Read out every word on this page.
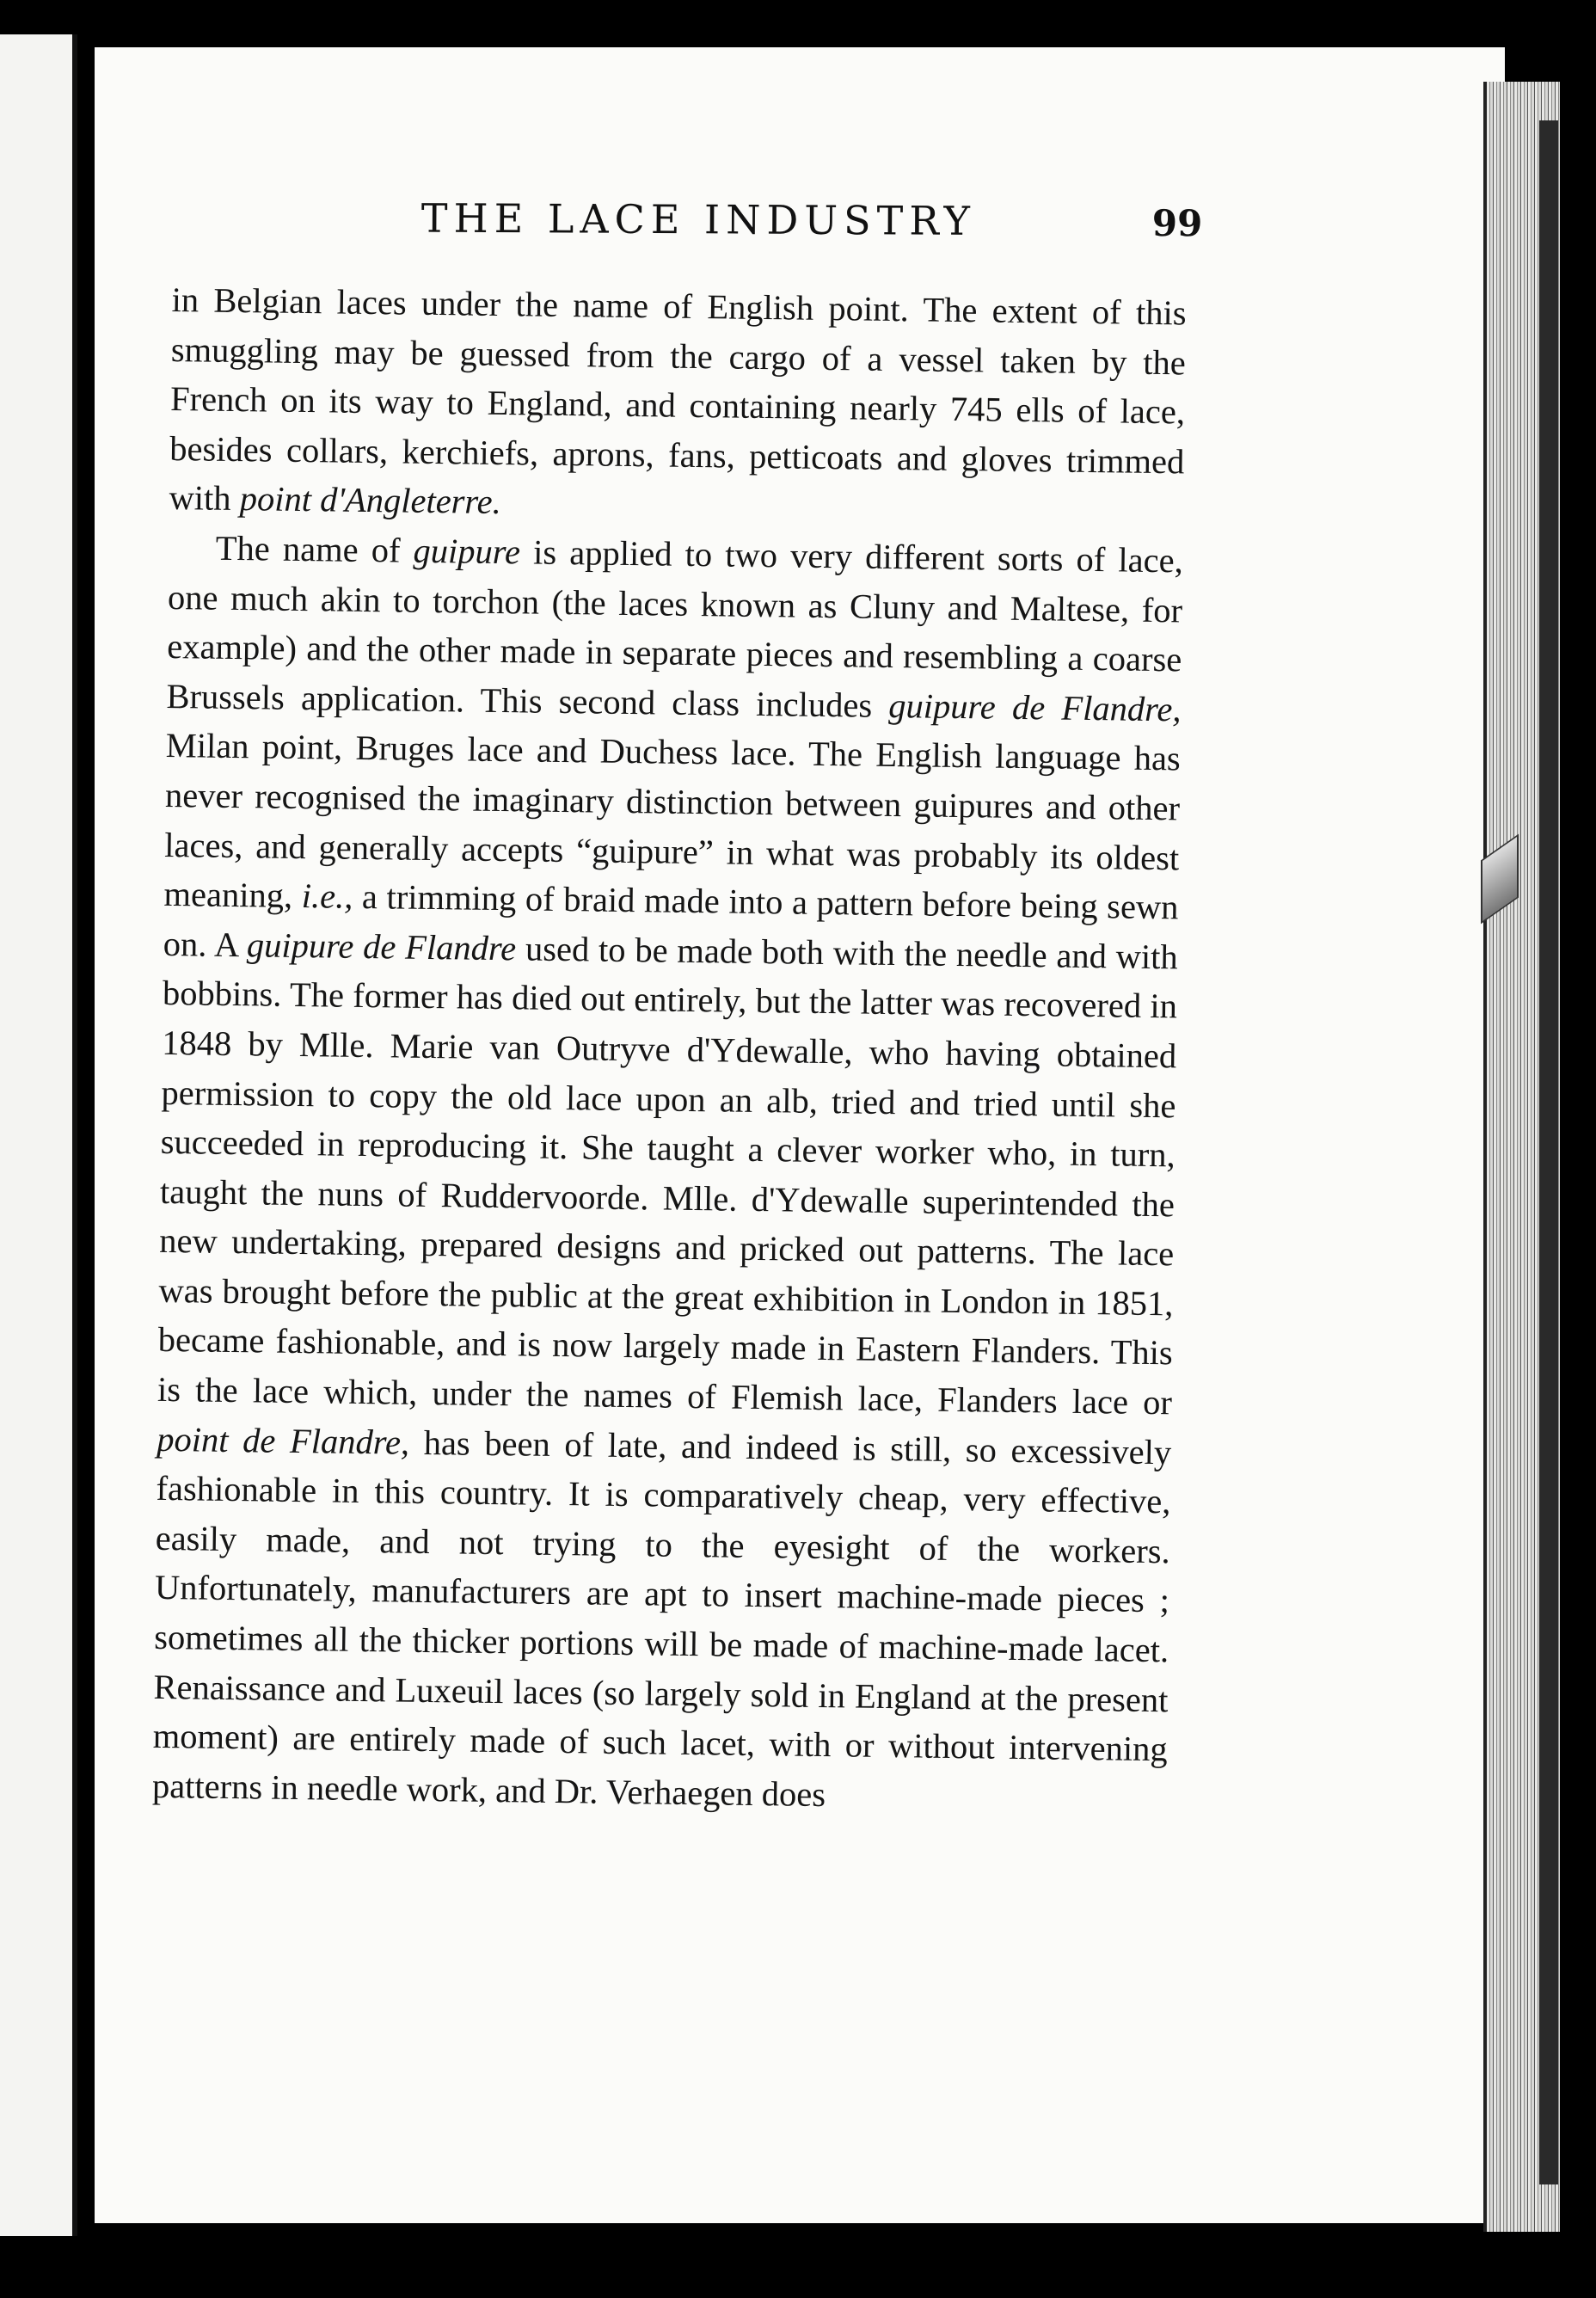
THE LACE INDUSTRY	99

in Belgian laces under the name of English point. The extent of this smuggling may be guessed from the cargo of a vessel taken by the French on its way to England, and containing nearly 745 ells of lace, besides collars, kerchiefs, aprons, fans, petticoats and gloves trimmed with point d'Angleterre.

The name of guipure is applied to two very different sorts of lace, one much akin to torchon (the laces known as Cluny and Maltese, for example) and the other made in separate pieces and resembling a coarse Brussels application. This second class includes guipure de Flandre, Milan point, Bruges lace and Duchess lace. The English language has never recognised the imaginary distinction between guipures and other laces, and generally accepts “guipure” in what was probably its oldest meaning, i.e., a trimming of braid made into a pattern before being sewn on. A guipure de Flandre used to be made both with the needle and with bobbins. The former has died out entirely, but the latter was recovered in 1848 by Mlle. Marie van Outryve d'Ydewalle, who having obtained permission to copy the old lace upon an alb, tried and tried until she succeeded in reproducing it. She taught a clever worker who, in turn, taught the nuns of Ruddervoorde. Mlle. d'Ydewalle superintended the new undertaking, prepared designs and pricked out patterns. The lace was brought before the public at the great exhibition in London in 1851, became fashionable, and is now largely made in Eastern Flanders. This is the lace which, under the names of Flemish lace, Flanders lace or point de Flandre, has been of late, and indeed is still, so excessively fashionable in this country. It is comparatively cheap, very effective, easily made, and not trying to the eyesight of the workers. Unfortunately, manufacturers are apt to insert machine-made pieces ; sometimes all the thicker portions will be made of machine-made lacet. Renaissance and Luxeuil laces (so largely sold in England at the present moment) are entirely made of such lacet, with or without intervening patterns in needle work, and Dr. Verhaegen does
